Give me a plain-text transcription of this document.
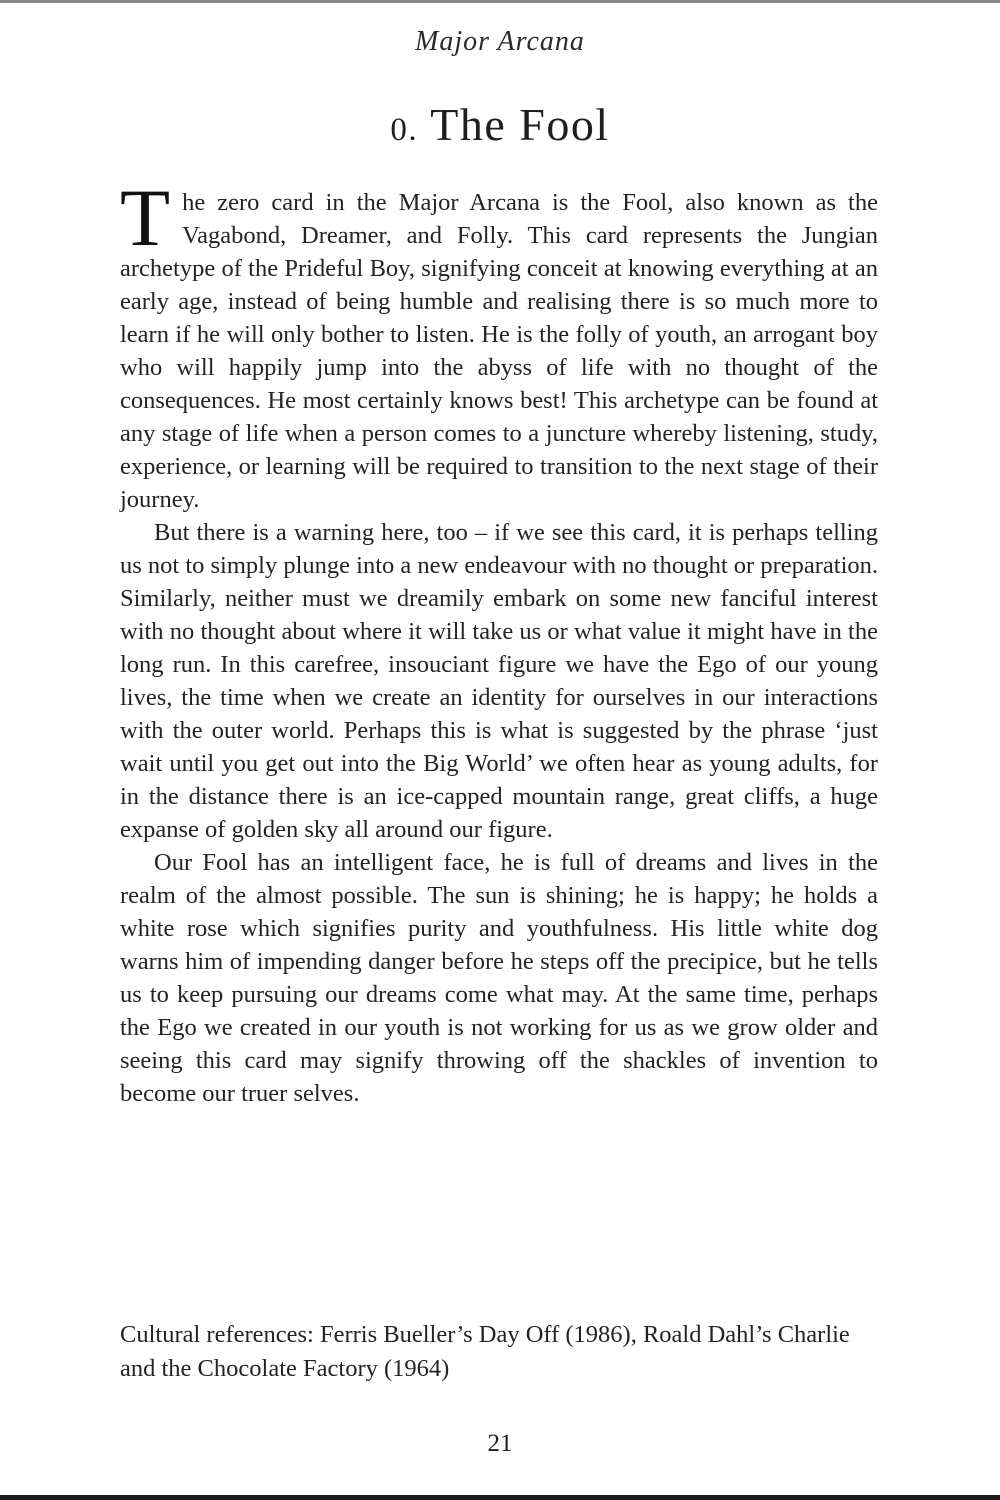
Major Arcana
0. The Fool

The zero card in the Major Arcana is the Fool, also known as the Vagabond, Dreamer, and Folly. This card represents the Jungian archetype of the Prideful Boy, signifying conceit at knowing everything at an early age, instead of being humble and realising there is so much more to learn if he will only bother to listen. He is the folly of youth, an arrogant boy who will happily jump into the abyss of life with no thought of the consequences. He most certainly knows best! This archetype can be found at any stage of life when a person comes to a juncture whereby listening, study, experience, or learning will be required to transition to the next stage of their journey.

But there is a warning here, too – if we see this card, it is perhaps telling us not to simply plunge into a new endeavour with no thought or preparation. Similarly, neither must we dreamily embark on some new fanciful interest with no thought about where it will take us or what value it might have in the long run. In this carefree, insouciant figure we have the Ego of our young lives, the time when we create an identity for ourselves in our interactions with the outer world. Perhaps this is what is suggested by the phrase ‘just wait until you get out into the Big World’ we often hear as young adults, for in the distance there is an ice-capped mountain range, great cliffs, a huge expanse of golden sky all around our figure.

Our Fool has an intelligent face, he is full of dreams and lives in the realm of the almost possible. The sun is shining; he is happy; he holds a white rose which signifies purity and youthfulness. His little white dog warns him of impending danger before he steps off the precipice, but he tells us to keep pursuing our dreams come what may. At the same time, perhaps the Ego we created in our youth is not working for us as we grow older and seeing this card may signify throwing off the shackles of invention to become our truer selves.

Cultural references: Ferris Bueller’s Day Off (1986), Roald Dahl’s Charlie and the Chocolate Factory (1964)
21
